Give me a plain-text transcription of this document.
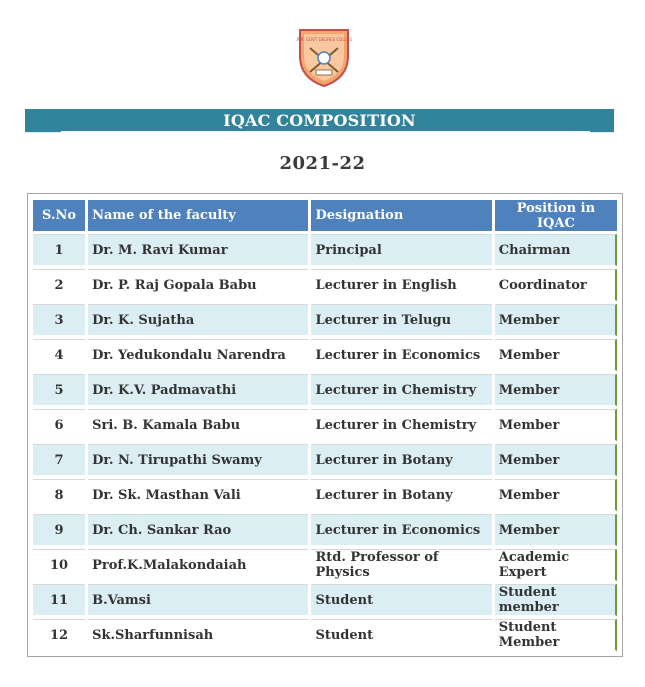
S.R.R. GOVT DEGREE COLLEGE
IQAC COMPOSITION
2021-22
S.No	Name of the faculty	Designation	Position in IQAC
1	Dr. M. Ravi Kumar	Principal	Chairman
2	Dr. P. Raj Gopala Babu	Lecturer in English	Coordinator
3	Dr. K. Sujatha	Lecturer in Telugu	Member
4	Dr. Yedukondalu Narendra	Lecturer in Economics	Member
5	Dr. K.V. Padmavathi	Lecturer in Chemistry	Member
6	Sri. B. Kamala Babu	Lecturer in Chemistry	Member
7	Dr. N. Tirupathi Swamy	Lecturer in Botany	Member
8	Dr. Sk. Masthan Vali	Lecturer in Botany	Member
9	Dr. Ch. Sankar Rao	Lecturer in Economics	Member
10	Prof.K.Malakondaiah	Rtd. Professor of Physics	Academic Expert
11	B.Vamsi	Student	Student member
12	Sk.Sharfunnisah	Student	Student Member
